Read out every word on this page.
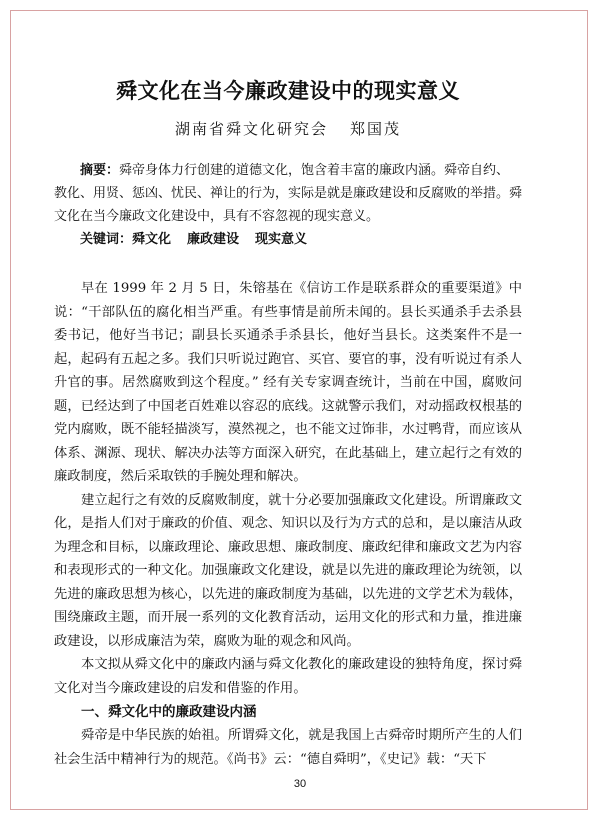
舜文化在当今廉政建设中的现实意义
湖南省舜文化研究会 郑国茂

摘要：舜帝身体力行创建的道德文化，饱含着丰富的廉政内涵。舜帝自约、教化、用贤、惩凶、忧民、禅让的行为，实际是就是廉政建设和反腐败的举措。舜文化在当今廉政文化建设中，具有不容忽视的现实意义。

关键词：舜文化 廉政建设 现实意义

早在 1999 年 2 月 5 日，朱镕基在《信访工作是联系群众的重要渠道》中说：“干部队伍的腐化相当严重。有些事情是前所未闻的。县长买通杀手去杀县委书记，他好当书记；副县长买通杀手杀县长，他好当县长。这类案件不是一起，起码有五起之多。我们只听说过跑官、买官、要官的事，没有听说过有杀人升官的事。居然腐败到这个程度。” 经有关专家调查统计，当前在中国，腐败问题，已经达到了中国老百姓难以容忍的底线。这就警示我们，对动摇政权根基的党内腐败，既不能轻描淡写，漠然视之，也不能文过饰非，水过鸭背，而应该从体系、渊源、现状、解决办法等方面深入研究，在此基础上，建立起行之有效的廉政制度，然后采取铁的手腕处理和解决。

建立起行之有效的反腐败制度，就十分必要加强廉政文化建设。所谓廉政文化，是指人们对于廉政的价值、观念、知识以及行为方式的总和，是以廉洁从政为理念和目标，以廉政理论、廉政思想、廉政制度、廉政纪律和廉政文艺为内容和表现形式的一种文化。加强廉政文化建设，就是以先进的廉政理论为统领，以先进的廉政思想为核心，以先进的廉政制度为基础，以先进的文学艺术为载体，围绕廉政主题，而开展一系列的文化教育活动，运用文化的形式和力量，推进廉政建设，以形成廉洁为荣，腐败为耻的观念和风尚。

本文拟从舜文化中的廉政内涵与舜文化教化的廉政建设的独特角度，探讨舜文化对当今廉政建设的启发和借鉴的作用。

一、舜文化中的廉政建设内涵

舜帝是中华民族的始祖。所谓舜文化，就是我国上古舜帝时期所产生的人们社会生活中精神行为的规范。《尚书》云：“德自舜明”，《史记》载：“天下

30
